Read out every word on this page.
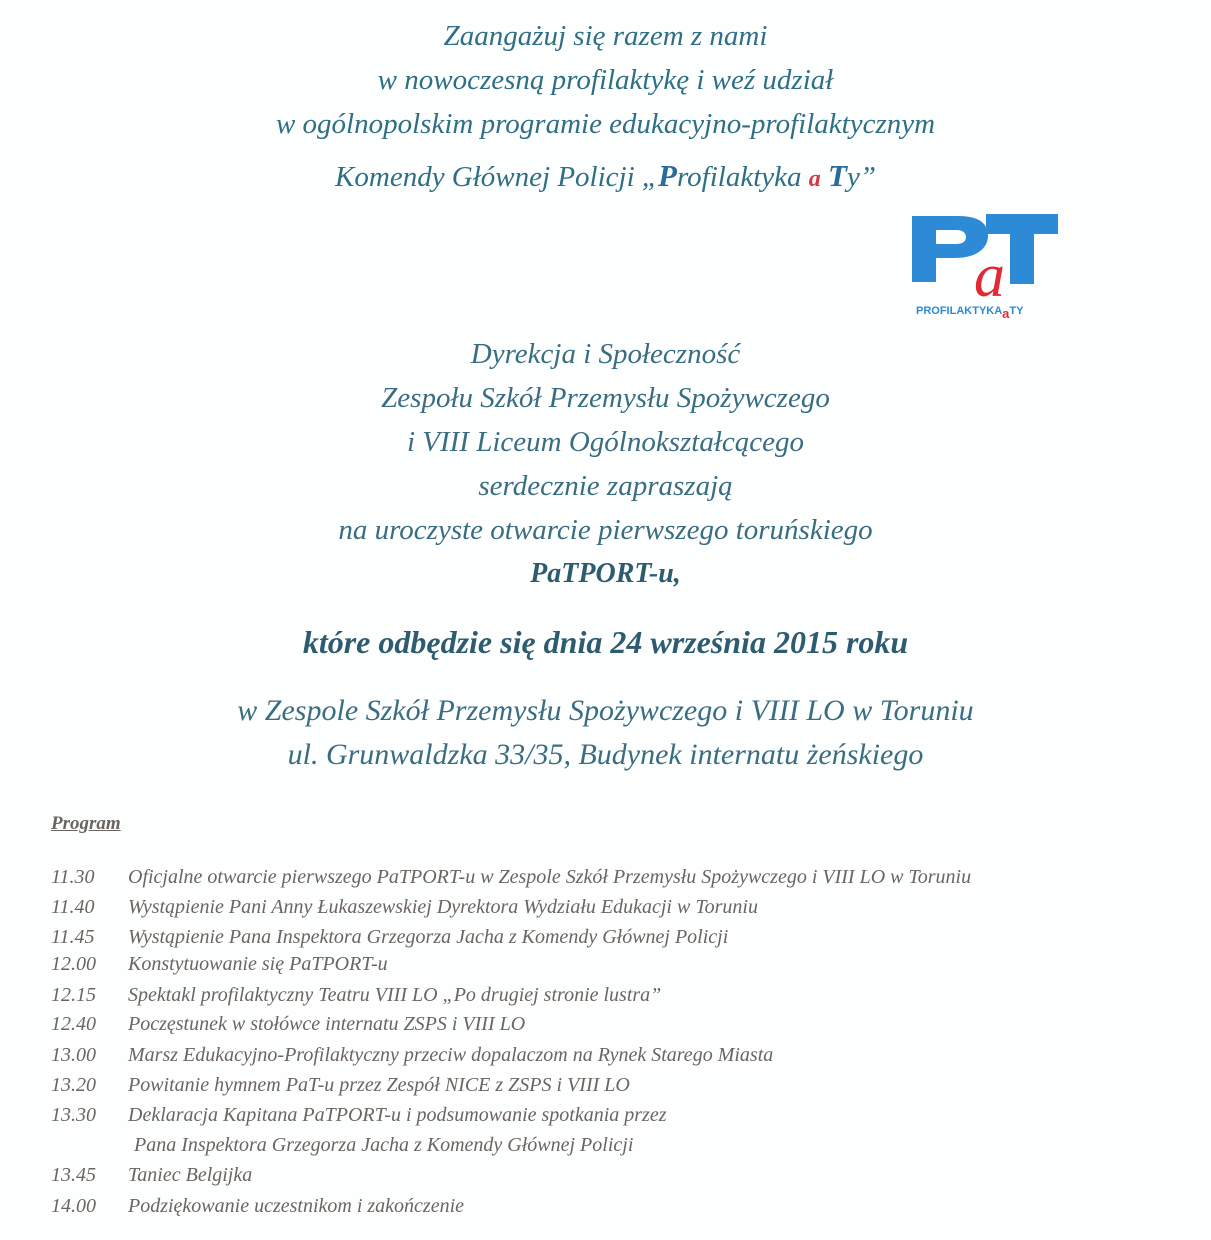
Zaangażuj się razem z nami
w nowoczesną profilaktykę i weź udział
w ogólnopolskim programie edukacyjno-profilaktycznym
Komendy Głównej Policji „Profilaktyka a Ty”
a
PROFILAKTYKAaTY
Dyrekcja i Społeczność
Zespołu Szkół Przemysłu Spożywczego
i VIII Liceum Ogólnokształcącego
serdecznie zapraszają
na uroczyste otwarcie pierwszego toruńskiego
PaTPORT-u,
które odbędzie się dnia 24 września 2015 roku
w Zespole Szkół Przemysłu Spożywczego i VIII LO w Toruniu
ul. Grunwaldzka 33/35, Budynek internatu żeńskiego
Program
11.30 Oficjalne otwarcie pierwszego PaTPORT-u w Zespole Szkół Przemysłu Spożywczego i VIII LO w Toruniu
11.40 Wystąpienie Pani Anny Łukaszewskiej Dyrektora Wydziału Edukacji w Toruniu
11.45 Wystąpienie Pana Inspektora Grzegorza Jacha z Komendy Głównej Policji
12.00 Konstytuowanie się PaTPORT-u
12.15 Spektakl profilaktyczny Teatru VIII LO „Po drugiej stronie lustra”
12.40 Poczęstunek w stołówce internatu ZSPS i VIII LO
13.00 Marsz Edukacyjno-Profilaktyczny przeciw dopalaczom na Rynek Starego Miasta
13.20 Powitanie hymnem PaT-u przez Zespół NICE z ZSPS i VIII LO
13.30 Deklaracja Kapitana PaTPORT-u i podsumowanie spotkania przez
Pana Inspektora Grzegorza Jacha z Komendy Głównej Policji
13.45 Taniec Belgijka
14.00 Podziękowanie uczestnikom i zakończenie
